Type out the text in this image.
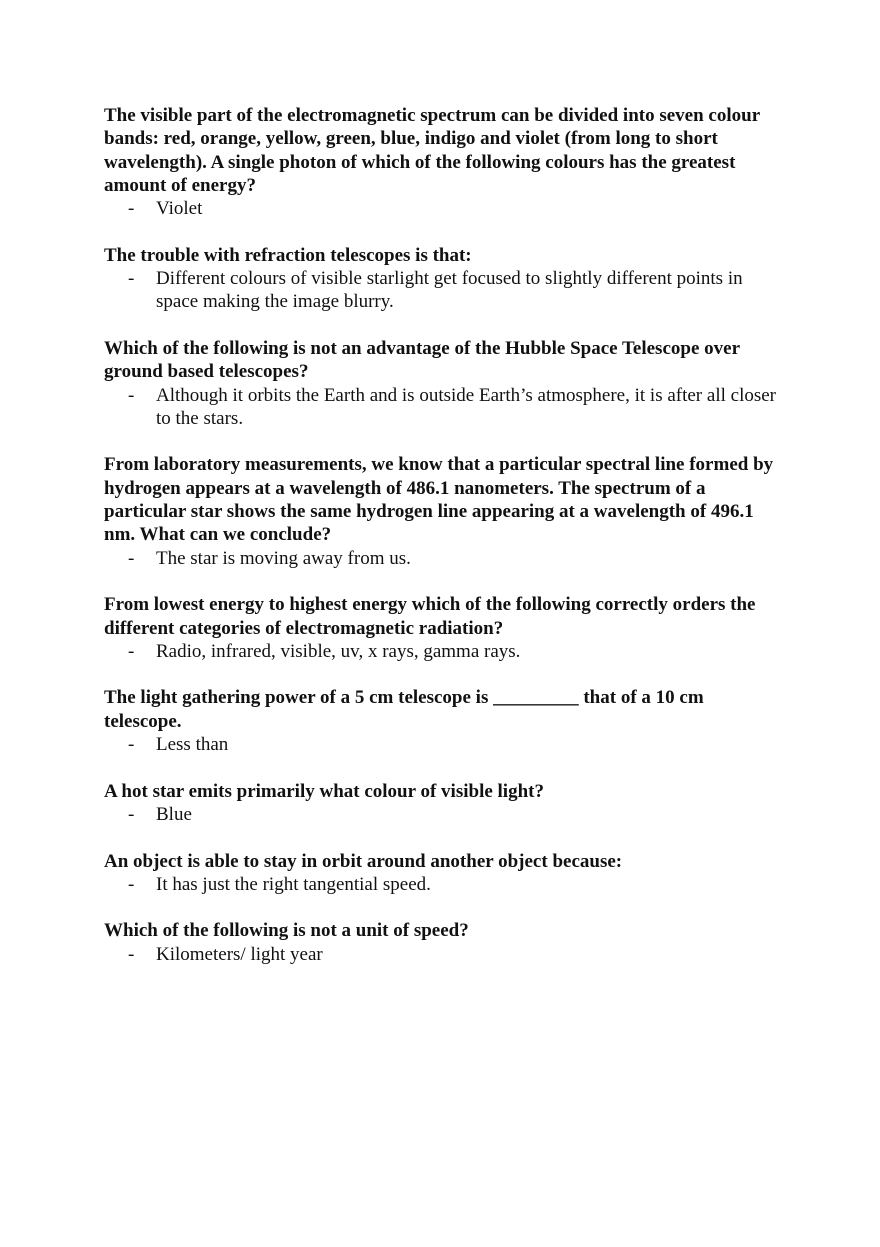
The visible part of the electromagnetic spectrum can be divided into seven colour bands: red, orange, yellow, green, blue, indigo and violet (from long to short wavelength). A single photon of which of the following colours has the greatest amount of energy?

- Violet

The trouble with refraction telescopes is that:

- Different colours of visible starlight get focused to slightly different points in space making the image blurry.

Which of the following is not an advantage of the Hubble Space Telescope over ground based telescopes?

- Although it orbits the Earth and is outside Earth’s atmosphere, it is after all closer to the stars.

From laboratory measurements, we know that a particular spectral line formed by hydrogen appears at a wavelength of 486.1 nanometers. The spectrum of a particular star shows the same hydrogen line appearing at a wavelength of 496.1 nm. What can we conclude?

- The star is moving away from us.

From lowest energy to highest energy which of the following correctly orders the different categories of electromagnetic radiation?

- Radio, infrared, visible, uv, x rays, gamma rays.

The light gathering power of a 5 cm telescope is _________ that of a 10 cm telescope.

- Less than

A hot star emits primarily what colour of visible light?

- Blue

An object is able to stay in orbit around another object because:

- It has just the right tangential speed.

Which of the following is not a unit of speed?

- Kilometers/ light year
